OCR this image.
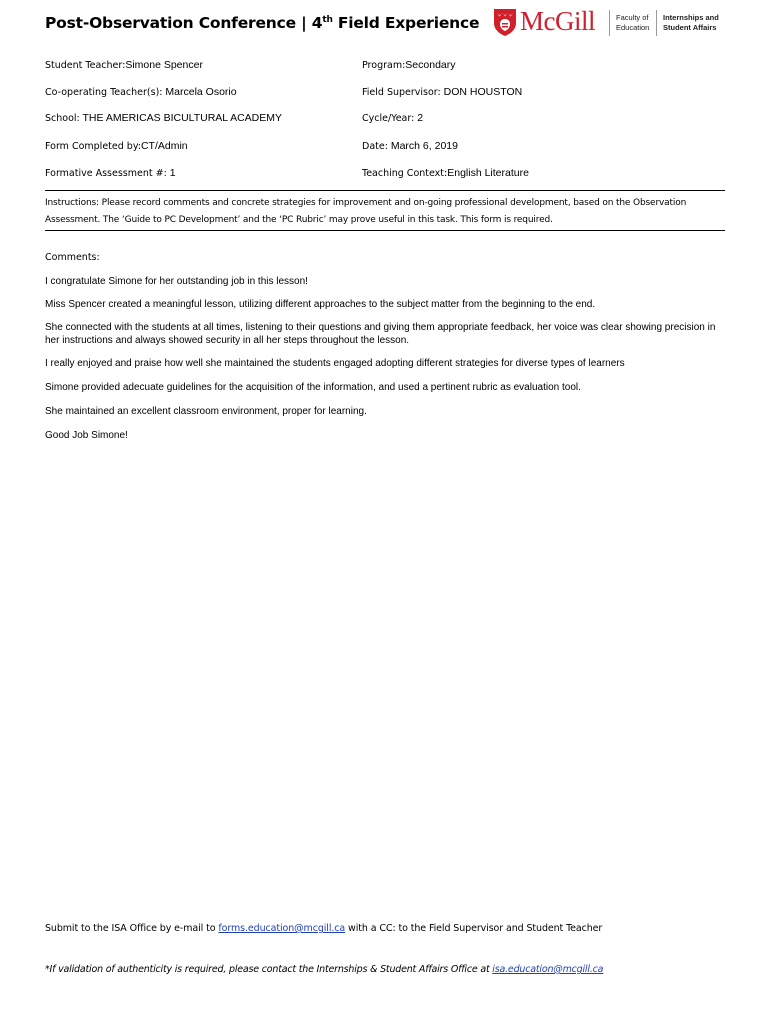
Post-Observation Conference | 4th Field Experience McGill	Faculty of
Education
Internships and
Student Affairs
Student Teacher:Simone Spencer	Program:Secondary
Co-operating Teacher(s): Marcela Osorio	Field Supervisor: DON HOUSTON
School: THE AMERICAS BICULTURAL ACADEMY	Cycle/Year: 2
Form Completed by:CT/Admin	Date: March 6, 2019
Formative Assessment #: 1	Teaching Context:English Literature
Instructions: Please record comments and concrete strategies for improvement and on-going professional development, based on the Observation Assessment. The ‘Guide to PC Development’ and the ‘PC Rubric’ may prove useful in this task. This form is required.
Comments:
I congratulate Simone for her outstanding job in this lesson!
Miss Spencer created a meaningful lesson, utilizing different approaches to the subject matter from the beginning to the end.
She connected with the students at all times, listening to their questions and giving them appropriate feedback, her voice was clear showing precision in her instructions and always showed security in all her steps throughout the lesson.
I really enjoyed and praise how well she maintained the students engaged adopting different strategies for diverse types of learners
Simone provided adecuate guidelines for the acquisition of the information, and used a pertinent rubric as evaluation tool.
She maintained an excellent classroom environment, proper for learning.
Good Job Simone!
Submit to the ISA Office by e-mail to forms.education@mcgill.ca with a CC: to the Field Supervisor and Student Teacher
*If validation of authenticity is required, please contact the Internships & Student Affairs Office at isa.education@mcgill.ca
